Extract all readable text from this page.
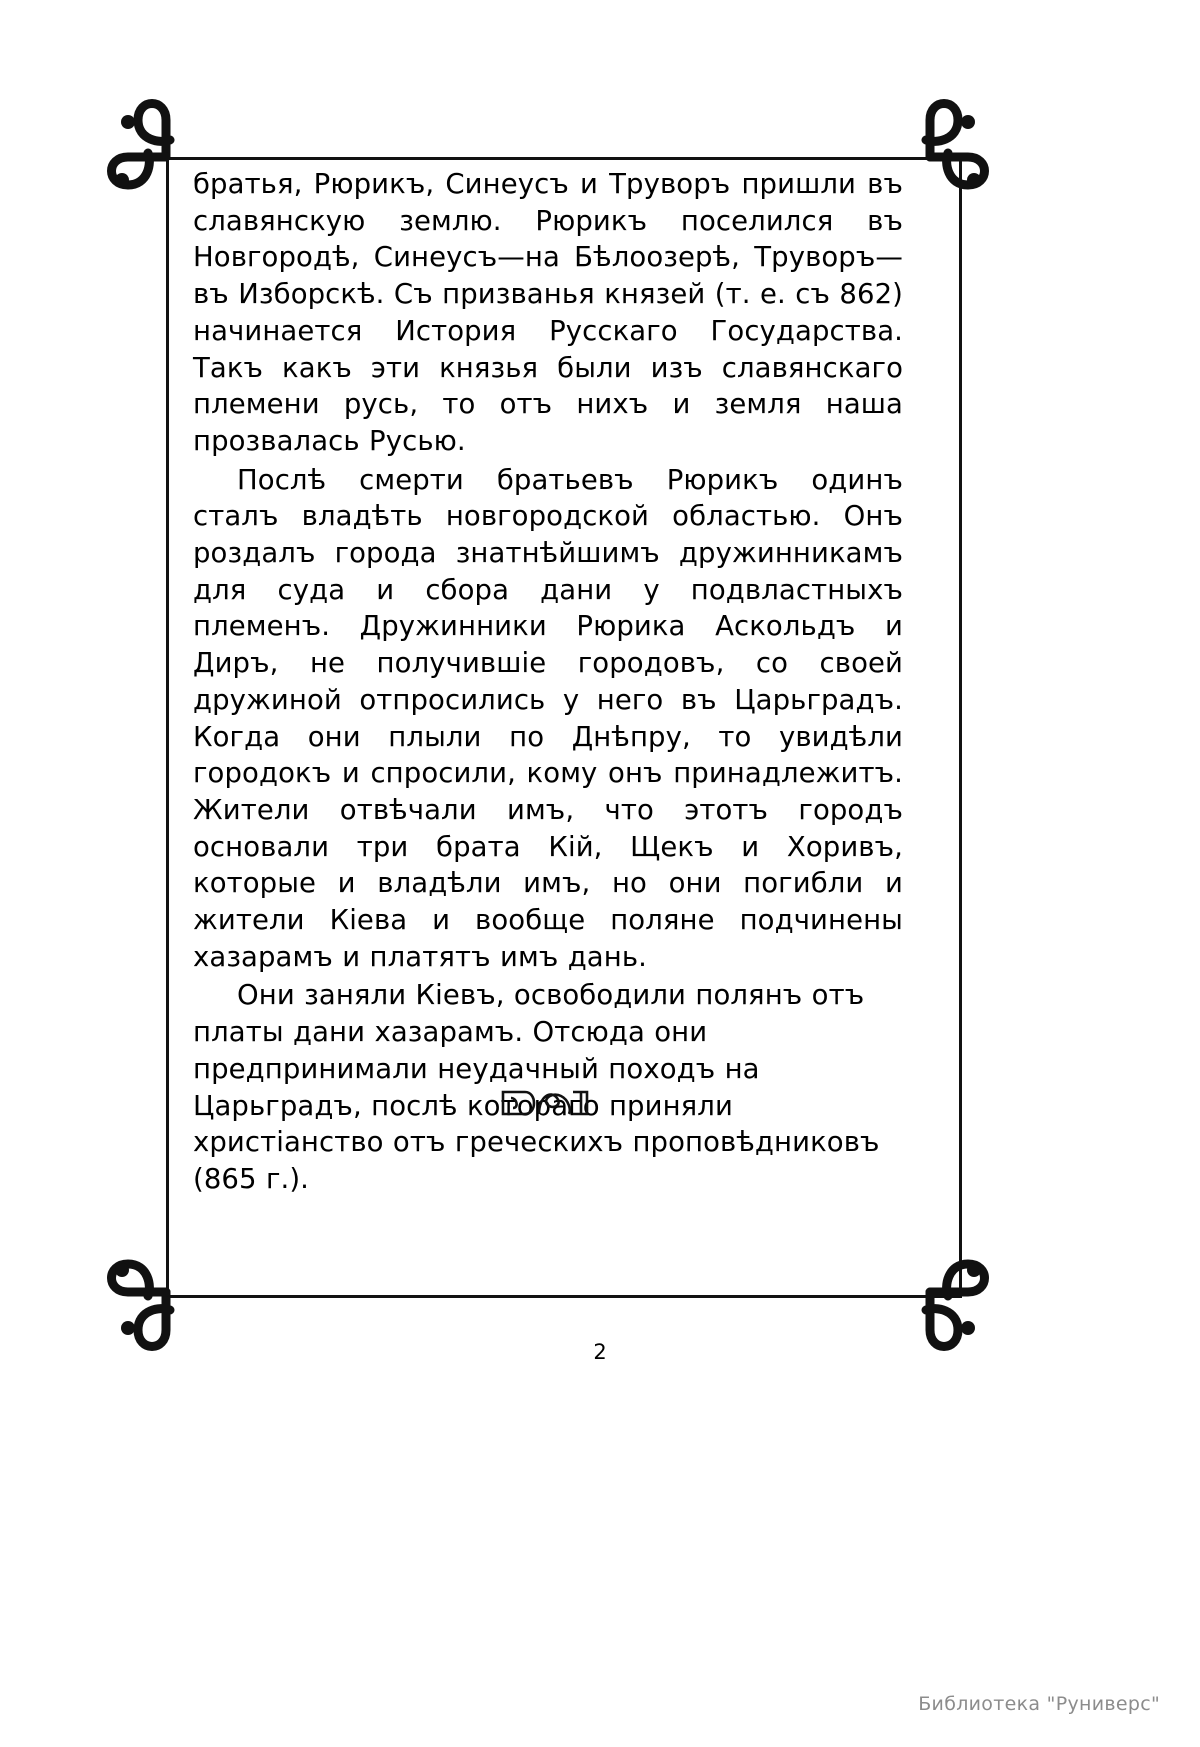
братья, Рюрикъ, Синеусъ и Труворъ пришли въ славянскую землю. Рюрикъ поселился въ Новгородѣ, Синеусъ—на Бѣлоозерѣ, Труворъ—въ Изборскѣ. Съ призванья князей (т. е. съ 862) начинается История Русскаго Государства. Такъ какъ эти князья были изъ славянскаго племени русь, то отъ нихъ и земля наша прозвалась Русью.

Послѣ смерти братьевъ Рюрикъ одинъ сталъ владѣть новгородской областью. Онъ роздалъ города знатнѣйшимъ дружинникамъ для суда и сбора дани у подвластныхъ племенъ. Дружинники Рюрика Аскольдъ и Диръ, не получившіе городовъ, со своей дружиной отпросились у него въ Царьградъ. Когда они плыли по Днѣпру, то увидѣли городокъ и спросили, кому онъ принадлежитъ. Жители отвѣчали имъ, что этотъ городъ основали три брата Кій, Щекъ и Хоривъ, которые и владѣли имъ, но они погибли и жители Кіева и вообще поляне подчинены хазарамъ и платятъ имъ дань.

Они заняли Кіевъ, освободили полянъ отъ платы дани хазарамъ. Отсюда они предпринимали неудачный походъ на Царьградъ, послѣ котораго приняли христіанство отъ греческихъ проповѣдниковъ (865 г.).

2
Библиотека "Руниверс"
